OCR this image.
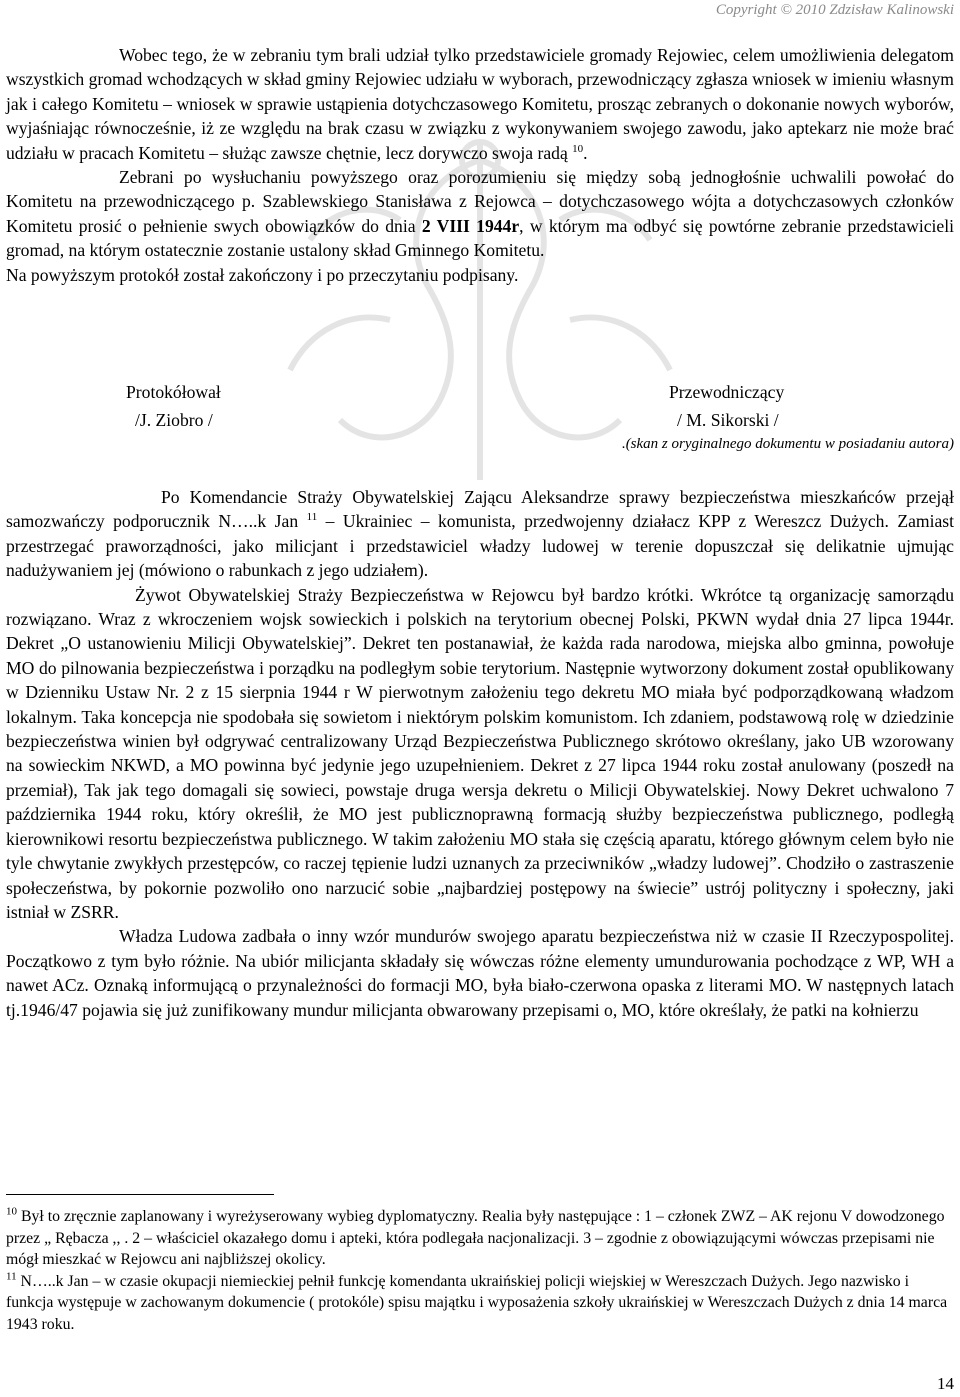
Copyright © 2010 Zdzisław Kalinowski
Wobec tego, że w zebraniu tym brali udział tylko przedstawiciele gromady Rejowiec, celem umożliwienia delegatom wszystkich gromad wchodzących w skład gminy Rejowiec udziału w wyborach, przewodniczący zgłasza wniosek w imieniu własnym jak i całego Komitetu – wniosek w sprawie ustąpienia dotychczasowego Komitetu, prosząc zebranych o dokonanie nowych wyborów, wyjaśniając równocześnie, iż ze względu na brak czasu w związku z wykonywaniem swojego zawodu, jako aptekarz nie może brać udziału w pracach Komitetu – służąc zawsze chętnie, lecz dorywczo swoja radą $^{10}$.
Zebrani po wysłuchaniu powyższego oraz porozumieniu się między sobą jednogłośnie uchwalili powołać do Komitetu na przewodniczącego p. Szablewskiego Stanisława z Rejowca – dotychczasowego wójta a dotychczasowych członków Komitetu prosić o pełnienie swych obowiązków do dnia 2 VIII 1944r, w którym ma odbyć się powtórne zebranie przedstawicieli gromad, na którym ostatecznie zostanie ustalony skład Gminnego Komitetu.
Na powyższym protokół został zakończony i po przeczytaniu podpisany.
Protokółował
/J. Ziobro /
Przewodniczący
/ M. Sikorski /
.(skan z oryginalnego dokumentu w posiadaniu autora)
Po Komendancie Straży Obywatelskiej Zającu Aleksandrze sprawy bezpieczeństwa mieszkańców przejął samozwańczy podporucznik N…..k Jan $^{11}$ – Ukrainiec – komunista, przedwojenny działacz KPP z Wereszcz Dużych. Zamiast przestrzegać praworządności, jako milicjant i przedstawiciel władzy ludowej w terenie dopuszczał się delikatnie ujmując nadużywaniem jej (mówiono o rabunkach z jego udziałem).
Żywot Obywatelskiej Straży Bezpieczeństwa w Rejowcu był bardzo krótki. Wkrótce tą organizację samorządu rozwiązano. Wraz z wkroczeniem wojsk sowieckich i polskich na terytorium obecnej Polski, PKWN wydał dnia 27 lipca 1944r. Dekret „O ustanowieniu Milicji Obywatelskiej”. Dekret ten postanawiał, że każda rada narodowa, miejska albo gminna, powołuje MO do pilnowania bezpieczeństwa i porządku na podległym sobie terytorium. Następnie wytworzony dokument został opublikowany w Dzienniku Ustaw Nr. 2 z 15 sierpnia 1944 r W pierwotnym założeniu tego dekretu MO miała być podporządkowaną władzom lokalnym. Taka koncepcja nie spodobała się sowietom i niektórym polskim komunistom. Ich zdaniem, podstawową rolę w dziedzinie bezpieczeństwa winien był odgrywać centralizowany Urząd Bezpieczeństwa Publicznego skrótowo określany, jako UB wzorowany na sowieckim NKWD, a MO powinna być jedynie jego uzupełnieniem. Dekret z 27 lipca 1944 roku został anulowany (poszedł na przemiał), Tak jak tego domagali się sowieci, powstaje druga wersja dekretu o Milicji Obywatelskiej. Nowy Dekret uchwalono 7 października 1944 roku, który określił, że MO jest publicznoprawną formacją służby bezpieczeństwa publicznego, podległą kierownikowi resortu bezpieczeństwa publicznego. W takim założeniu MO stała się częścią aparatu, którego głównym celem było nie tyle chwytanie zwykłych przestępców, co raczej tępienie ludzi uznanych za przeciwników „władzy ludowej”. Chodziło o zastraszenie społeczeństwa, by pokornie pozwoliło ono narzucić sobie „najbardziej postępowy na świecie” ustrój polityczny i społeczny, jaki istniał w ZSRR.
Władza Ludowa zadbała o inny wzór mundurów swojego aparatu bezpieczeństwa niż w czasie II Rzeczypospolitej. Początkowo z tym było różnie. Na ubiór milicjanta składały się wówczas różne elementy umundurowania pochodzące z WP, WH a nawet ACz. Oznaką informującą o przynależności do formacji MO, była biało-czerwona opaska z literami MO. W następnych latach tj.1946/47 pojawia się już zunifikowany mundur milicjanta obwarowany przepisami o, MO, które określały, że patki na kołnierzu
$^{10}$ Był to zręcznie zaplanowany i wyreżyserowany wybieg dyplomatyczny. Realia były następujące : 1 – członek ZWZ – AK rejonu V dowodzonego przez „ Rębacza ,, . 2 – właściciel okazałego domu i apteki, która podlegała nacjonalizacji. 3 – zgodnie z obowiązującymi wówczas przepisami nie mógł mieszkać w Rejowcu ani najbliższej okolicy.
$^{11}$ N…..k Jan – w czasie okupacji niemieckiej pełnił funkcję komendanta ukraińskiej policji wiejskiej w Wereszczach Dużych. Jego nazwisko i funkcja występuje w zachowanym dokumencie ( protokóle) spisu majątku i wyposażenia szkoły ukraińskiej w Wereszczach Dużych z dnia 14 marca 1943 roku.
14
